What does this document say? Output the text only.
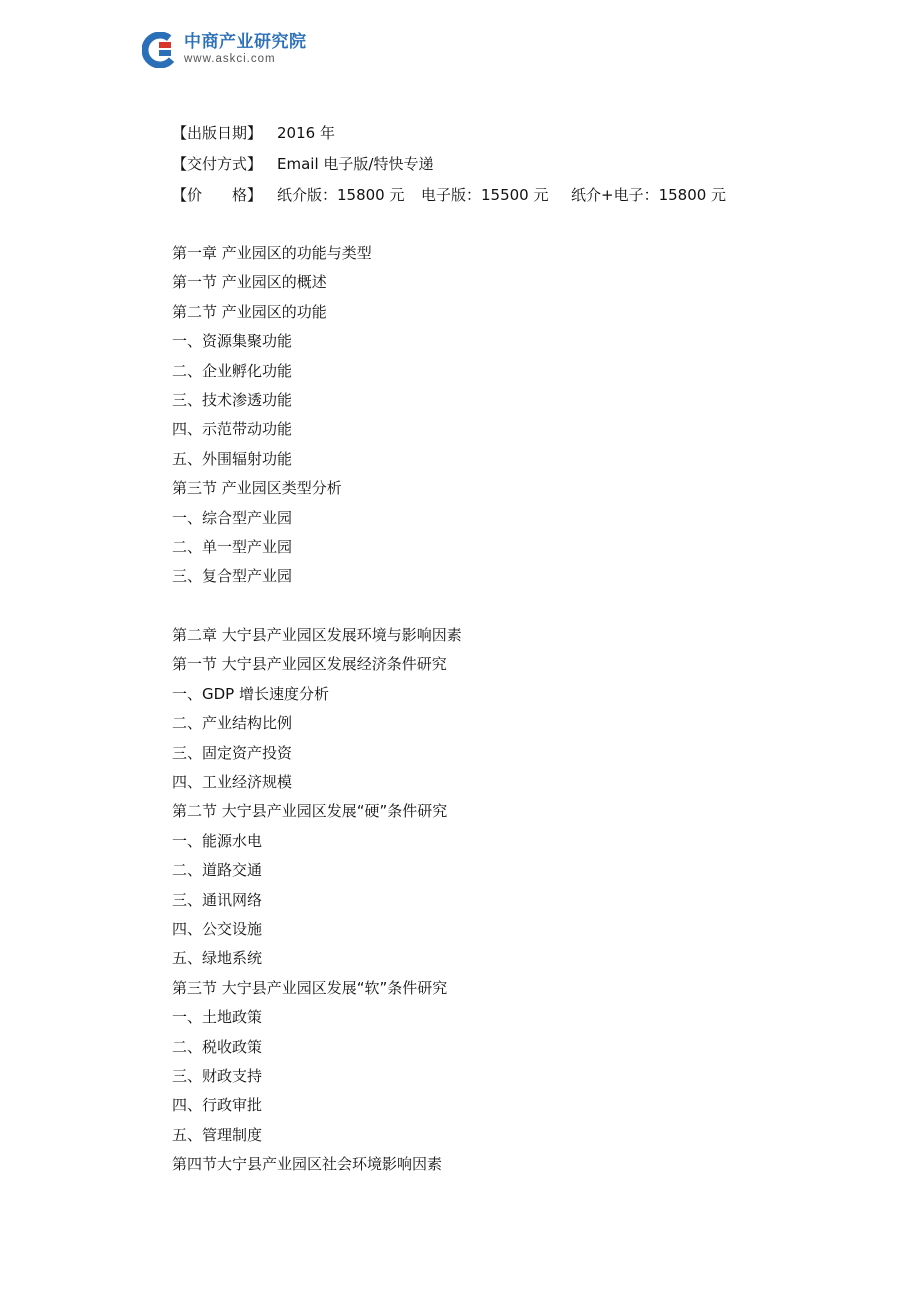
中商产业研究院
www.askci.com
【出版日期】 2016 年
【交付方式】 Email 电子版/特快专递
【价　　格】 纸介版：15800 元	电子版：15500 元	纸介+电子：15800 元
第一章 产业园区的功能与类型
第一节 产业园区的概述
第二节 产业园区的功能
一、资源集聚功能
二、企业孵化功能
三、技术渗透功能
四、示范带动功能
五、外围辐射功能
第三节 产业园区类型分析
一、综合型产业园
二、单一型产业园
三、复合型产业园
第二章 大宁县产业园区发展环境与影响因素
第一节 大宁县产业园区发展经济条件研究
一、GDP 增长速度分析
二、产业结构比例
三、固定资产投资
四、工业经济规模
第二节 大宁县产业园区发展“硬”条件研究
一、能源水电
二、道路交通
三、通讯网络
四、公交设施
五、绿地系统
第三节 大宁县产业园区发展“软”条件研究
一、土地政策
二、税收政策
三、财政支持
四、行政审批
五、管理制度
第四节大宁县产业园区社会环境影响因素
